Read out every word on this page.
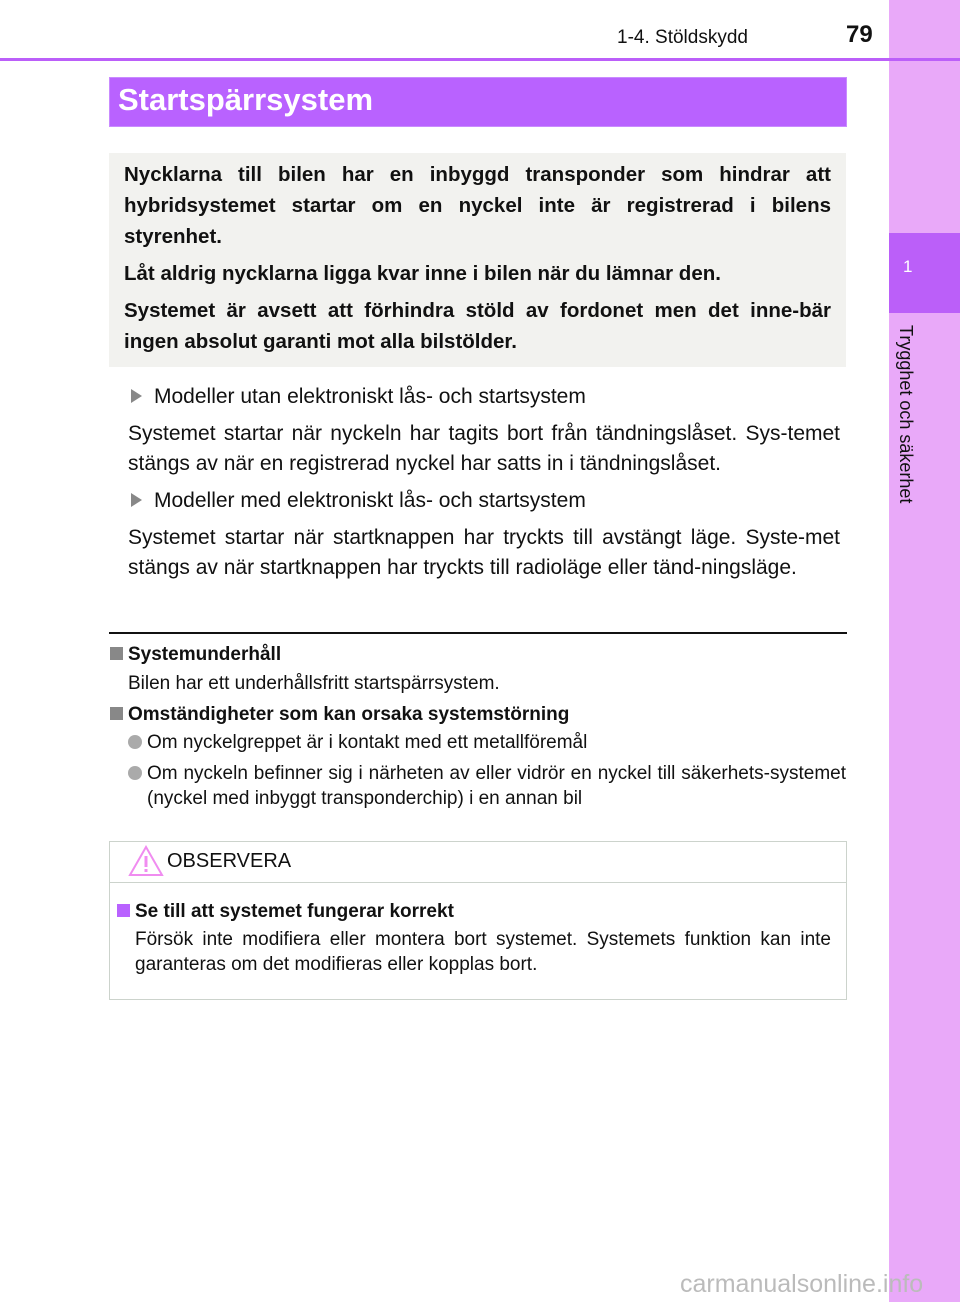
1
Trygghet och säkerhet
1-4. Stöldskydd	79
Startspärrsystem

Nycklarna till bilen har en inbyggd transponder som hindrar att hybridsystemet startar om en nyckel inte är registrerad i bilens styrenhet.

Låt aldrig nycklarna ligga kvar inne i bilen när du lämnar den.

Systemet är avsett att förhindra stöld av fordonet men det inne-bär ingen absolut garanti mot alla bilstölder.

Modeller utan elektroniskt lås- och startsystem
Systemet startar när nyckeln har tagits bort från tändningslåset. Sys-temet stängs av när en registrerad nyckel har satts in i tändningslåset.
Modeller med elektroniskt lås- och startsystem
Systemet startar när startknappen har tryckts till avstängt läge. Syste-met stängs av när startknappen har tryckts till radioläge eller tänd-ningsläge.
Systemunderhåll
Bilen har ett underhållsfritt startspärrsystem.
Omständigheter som kan orsaka systemstörning
Om nyckelgreppet är i kontakt med ett metallföremål
Om nyckeln befinner sig i närheten av eller vidrör en nyckel till säkerhets-systemet (nyckel med inbyggt transponderchip) i en annan bil
OBSERVERA
Se till att systemet fungerar korrekt
Försök inte modifiera eller montera bort systemet. Systemets funktion kan inte garanteras om det modifieras eller kopplas bort.
carmanualsonline.info
